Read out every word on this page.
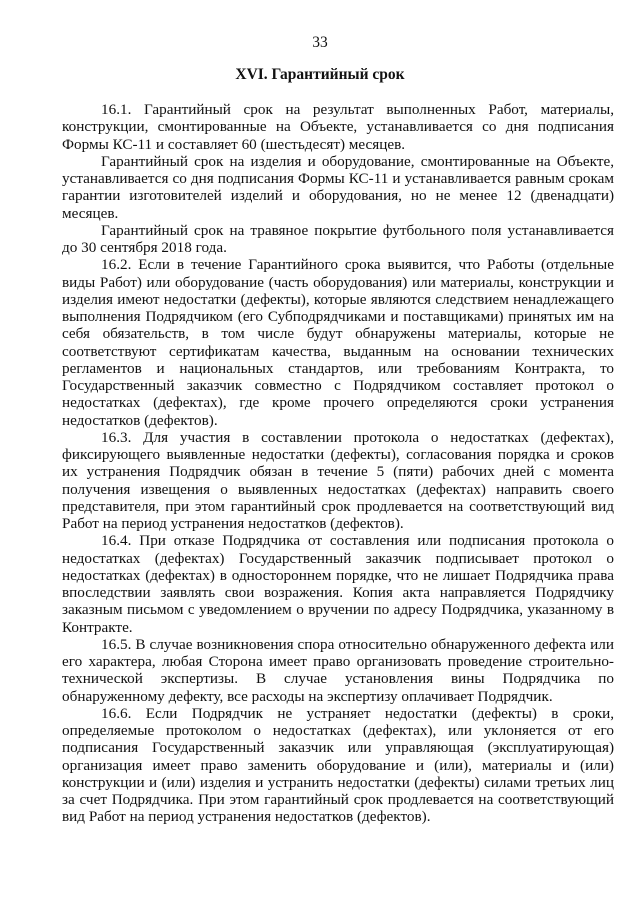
33
XVI. Гарантийный срок

16.1. Гарантийный срок на результат выполненных Работ, материалы, конструкции, смонтированные на Объекте, устанавливается со дня подписания Формы КС-11 и составляет 60 (шестьдесят) месяцев.

Гарантийный срок на изделия и оборудование, смонтированные на Объекте, устанавливается со дня подписания Формы КС-11 и устанавливается равным срокам гарантии изготовителей изделий и оборудования, но не менее 12 (двенадцати) месяцев.

Гарантийный срок на травяное покрытие футбольного поля устанавливается до 30 сентября 2018 года.

16.2. Если в течение Гарантийного срока выявится, что Работы (отдельные виды Работ) или оборудование (часть оборудования) или материалы, конструкции и изделия имеют недостатки (дефекты), которые являются следствием ненадлежащего выполнения Подрядчиком (его Субподрядчиками и поставщиками) принятых им на себя обязательств, в том числе будут обнаружены материалы, которые не соответствуют сертификатам качества, выданным на основании технических регламентов и национальных стандартов, или требованиям Контракта, то Государственный заказчик совместно с Подрядчиком составляет протокол о недостатках (дефектах), где кроме прочего определяются сроки устранения недостатков (дефектов).

16.3. Для участия в составлении протокола о недостатках (дефектах), фиксирующего выявленные недостатки (дефекты), согласования порядка и сроков их устранения Подрядчик обязан в течение 5 (пяти) рабочих дней с момента получения извещения о выявленных недостатках (дефектах) направить своего представителя, при этом гарантийный срок продлевается на соответствующий вид Работ на период устранения недостатков (дефектов).

16.4. При отказе Подрядчика от составления или подписания протокола о недостатках (дефектах) Государственный заказчик подписывает протокол о недостатках (дефектах) в одностороннем порядке, что не лишает Подрядчика права впоследствии заявлять свои возражения. Копия акта направляется Подрядчику заказным письмом с уведомлением о вручении по адресу Подрядчика, указанному в Контракте.

16.5. В случае возникновения спора относительно обнаруженного дефекта или его характера, любая Сторона имеет право организовать проведение строительно-технической экспертизы. В случае установления вины Подрядчика по обнаруженному дефекту, все расходы на экспертизу оплачивает Подрядчик.

16.6. Если Подрядчик не устраняет недостатки (дефекты) в сроки, определяемые протоколом о недостатках (дефектах), или уклоняется от его подписания Государственный заказчик или управляющая (эксплуатирующая) организация имеет право заменить оборудование и (или), материалы и (или) конструкции и (или) изделия и устранить недостатки (дефекты) силами третьих лиц за счет Подрядчика. При этом гарантийный срок продлевается на соответствующий вид Работ на период устранения недостатков (дефектов).
